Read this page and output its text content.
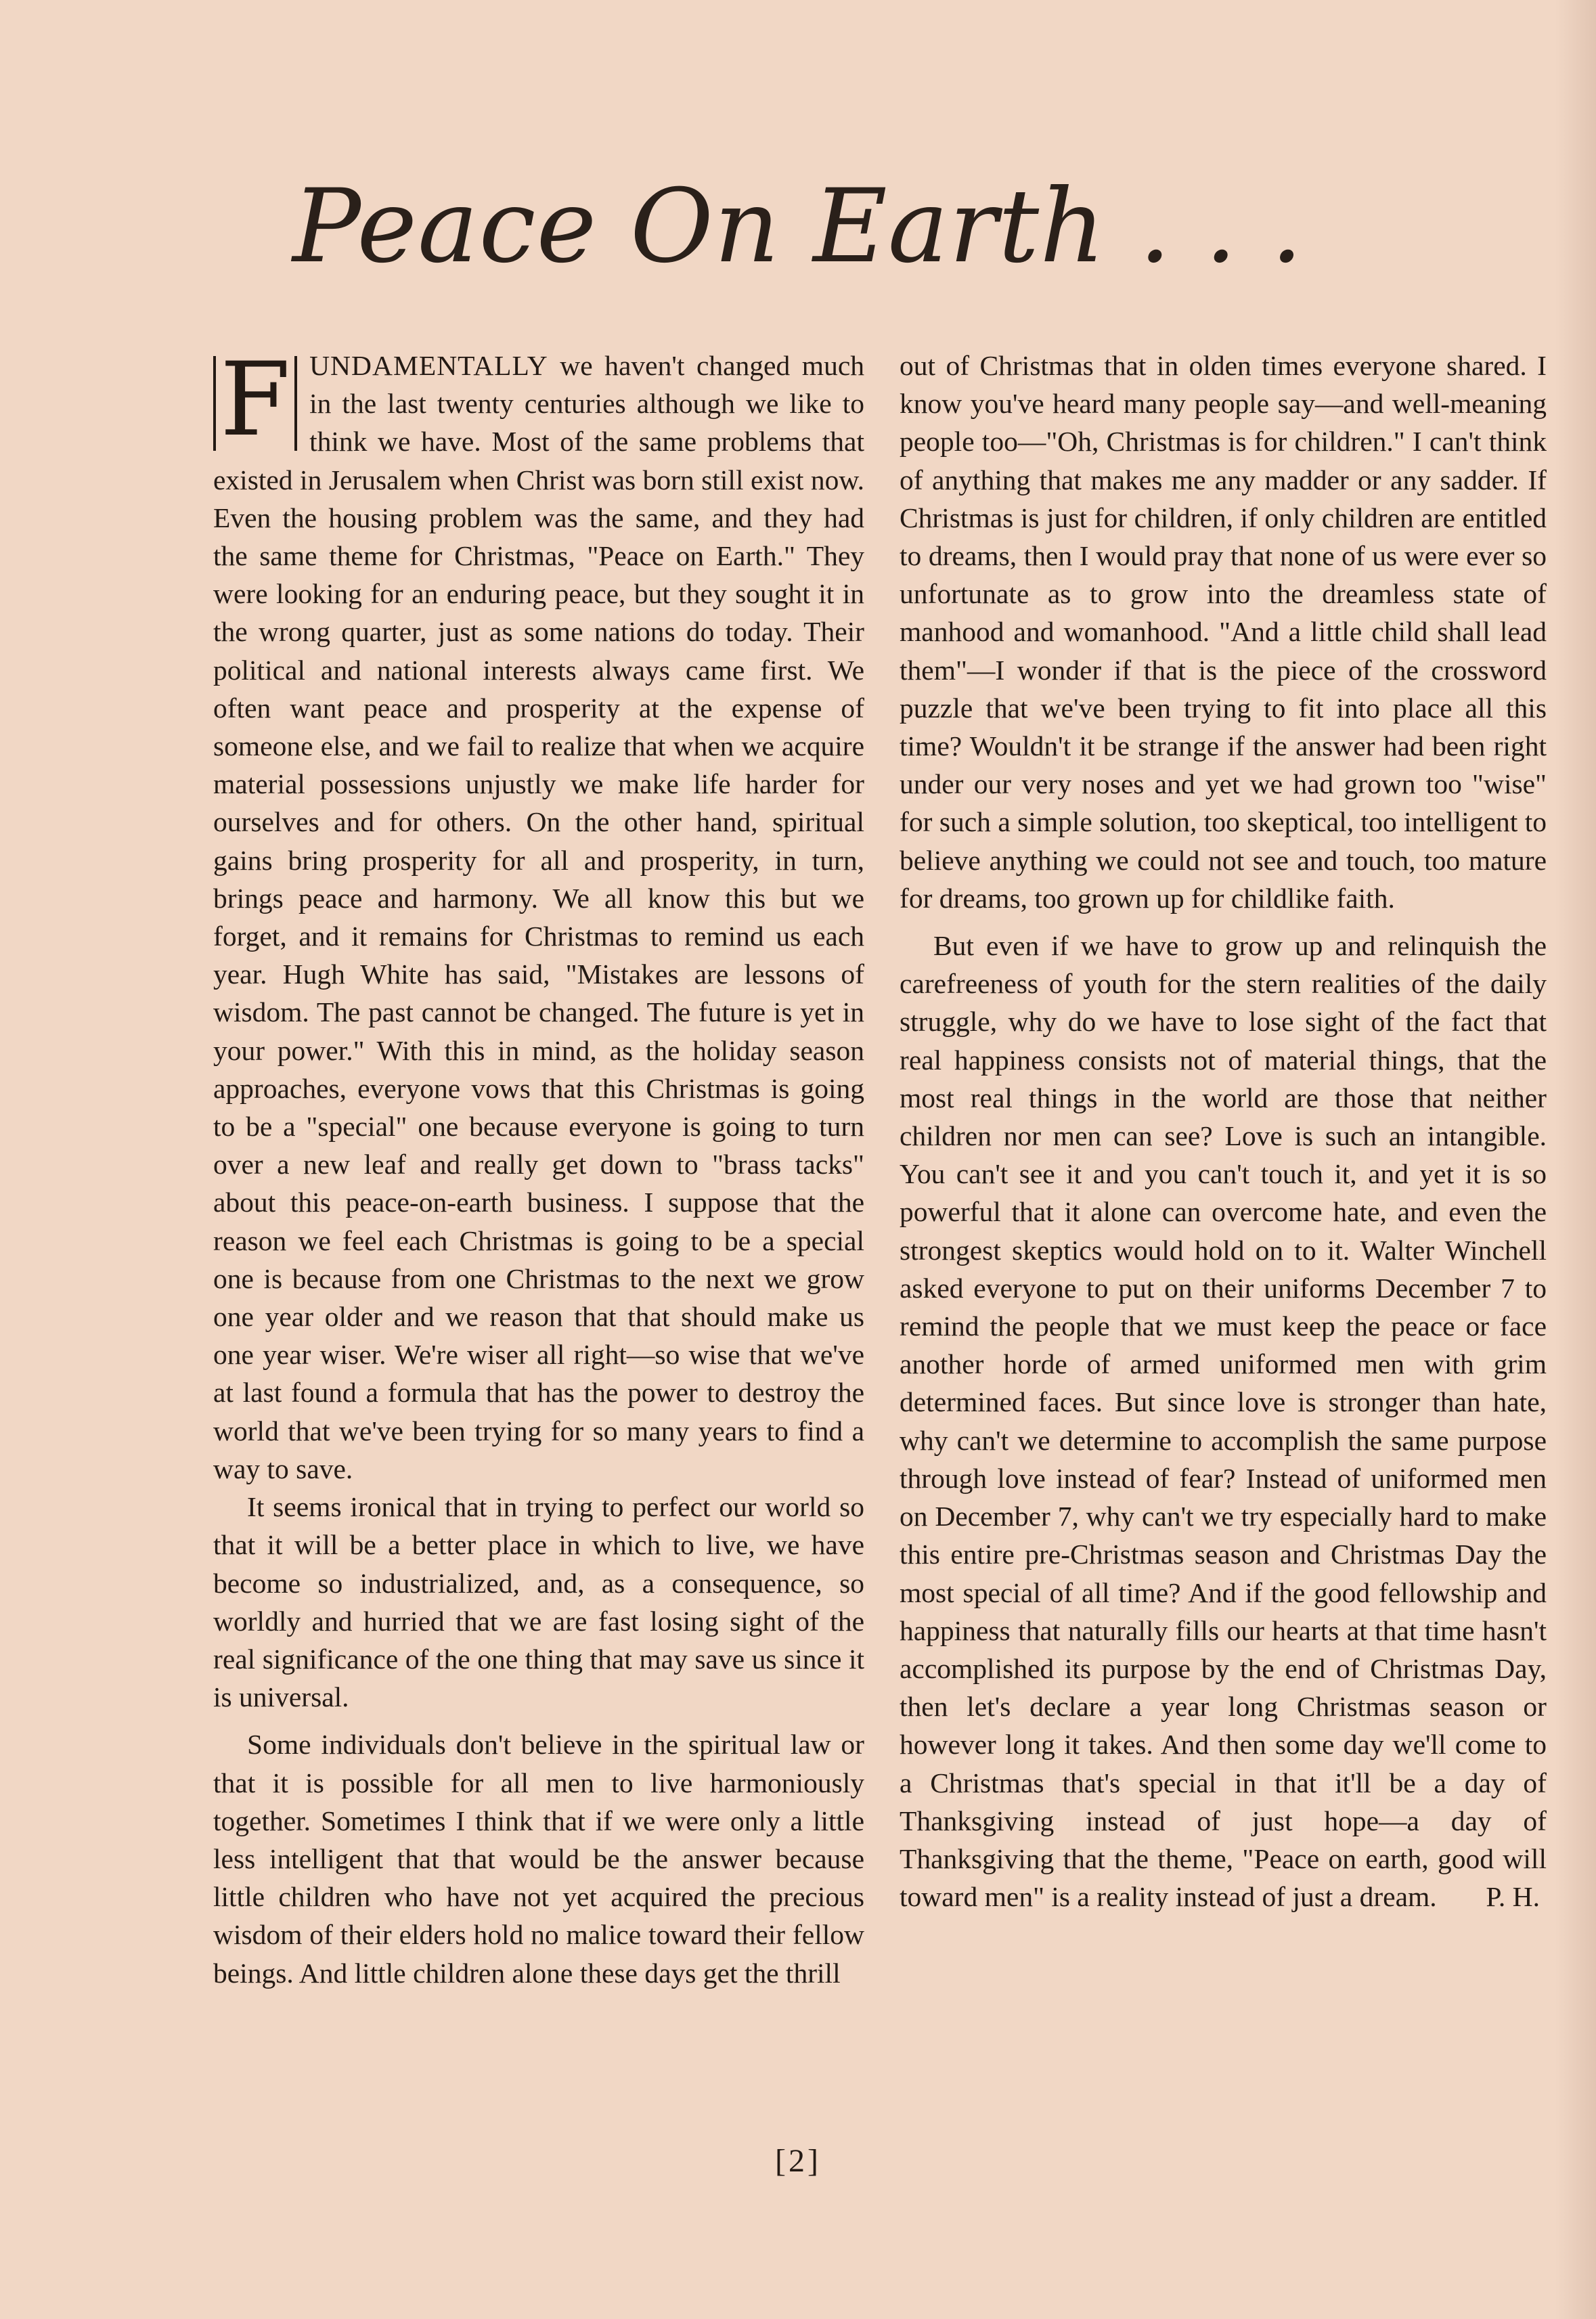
Peace On Earth . . .

F UNDAMENTALLY we haven't changed much in the last twenty centuries although we like to think we have. Most of the same problems that existed in Jerusalem when Christ was born still exist now. Even the housing problem was the same, and they had the same theme for Christmas, "Peace on Earth." They were looking for an enduring peace, but they sought it in the wrong quarter, just as some nations do today. Their political and national interests always came first. We often want peace and prosperity at the expense of someone else, and we fail to realize that when we acquire material possessions unjustly we make life harder for ourselves and for others. On the other hand, spiritual gains bring prosperity for all and prosperity, in turn, brings peace and harmony. We all know this but we forget, and it remains for Christmas to remind us each year. Hugh White has said, "Mistakes are lessons of wisdom. The past cannot be changed. The future is yet in your power." With this in mind, as the holiday season approaches, everyone vows that this Christmas is going to be a "special" one because everyone is going to turn over a new leaf and really get down to "brass tacks" about this peace-on-earth business. I suppose that the reason we feel each Christmas is going to be a special one is because from one Christmas to the next we grow one year older and we reason that that should make us one year wiser. We're wiser all right—so wise that we've at last found a formula that has the power to destroy the world that we've been trying for so many years to find a way to save.

It seems ironical that in trying to perfect our world so that it will be a better place in which to live, we have become so industrialized, and, as a consequence, so worldly and hurried that we are fast losing sight of the real significance of the one thing that may save us since it is universal.

Some individuals don't believe in the spiritual law or that it is possible for all men to live harmoniously together. Sometimes I think that if we were only a little less intelligent that that would be the answer because little children who have not yet acquired the precious wisdom of their elders hold no malice toward their fellow beings. And little children alone these days get the thrill

out of Christmas that in olden times everyone shared. I know you've heard many people say—and well-meaning people too—"Oh, Christmas is for children." I can't think of anything that makes me any madder or any sadder. If Christmas is just for children, if only children are entitled to dreams, then I would pray that none of us were ever so unfortunate as to grow into the dreamless state of manhood and womanhood. "And a little child shall lead them"—I wonder if that is the piece of the crossword puzzle that we've been trying to fit into place all this time? Wouldn't it be strange if the answer had been right under our very noses and yet we had grown too "wise" for such a simple solution, too skeptical, too intelligent to believe anything we could not see and touch, too mature for dreams, too grown up for childlike faith.

But even if we have to grow up and relinquish the carefreeness of youth for the stern realities of the daily struggle, why do we have to lose sight of the fact that real happiness consists not of material things, that the most real things in the world are those that neither children nor men can see? Love is such an intangible. You can't see it and you can't touch it, and yet it is so powerful that it alone can overcome hate, and even the strongest skeptics would hold on to it. Walter Winchell asked everyone to put on their uniforms December 7 to remind the people that we must keep the peace or face another horde of armed uniformed men with grim determined faces. But since love is stronger than hate, why can't we determine to accomplish the same purpose through love instead of fear? Instead of uniformed men on December 7, why can't we try especially hard to make this entire pre-Christmas season and Christmas Day the most special of all time? And if the good fellowship and happiness that naturally fills our hearts at that time hasn't accomplished its purpose by the end of Christmas Day, then let's declare a year long Christmas season or however long it takes. And then some day we'll come to a Christmas that's special in that it'll be a day of Thanksgiving instead of just hope—a day of Thanksgiving that the theme, "Peace on earth, good will toward men" is a reality instead of just a dream.	P. H.

[2]
